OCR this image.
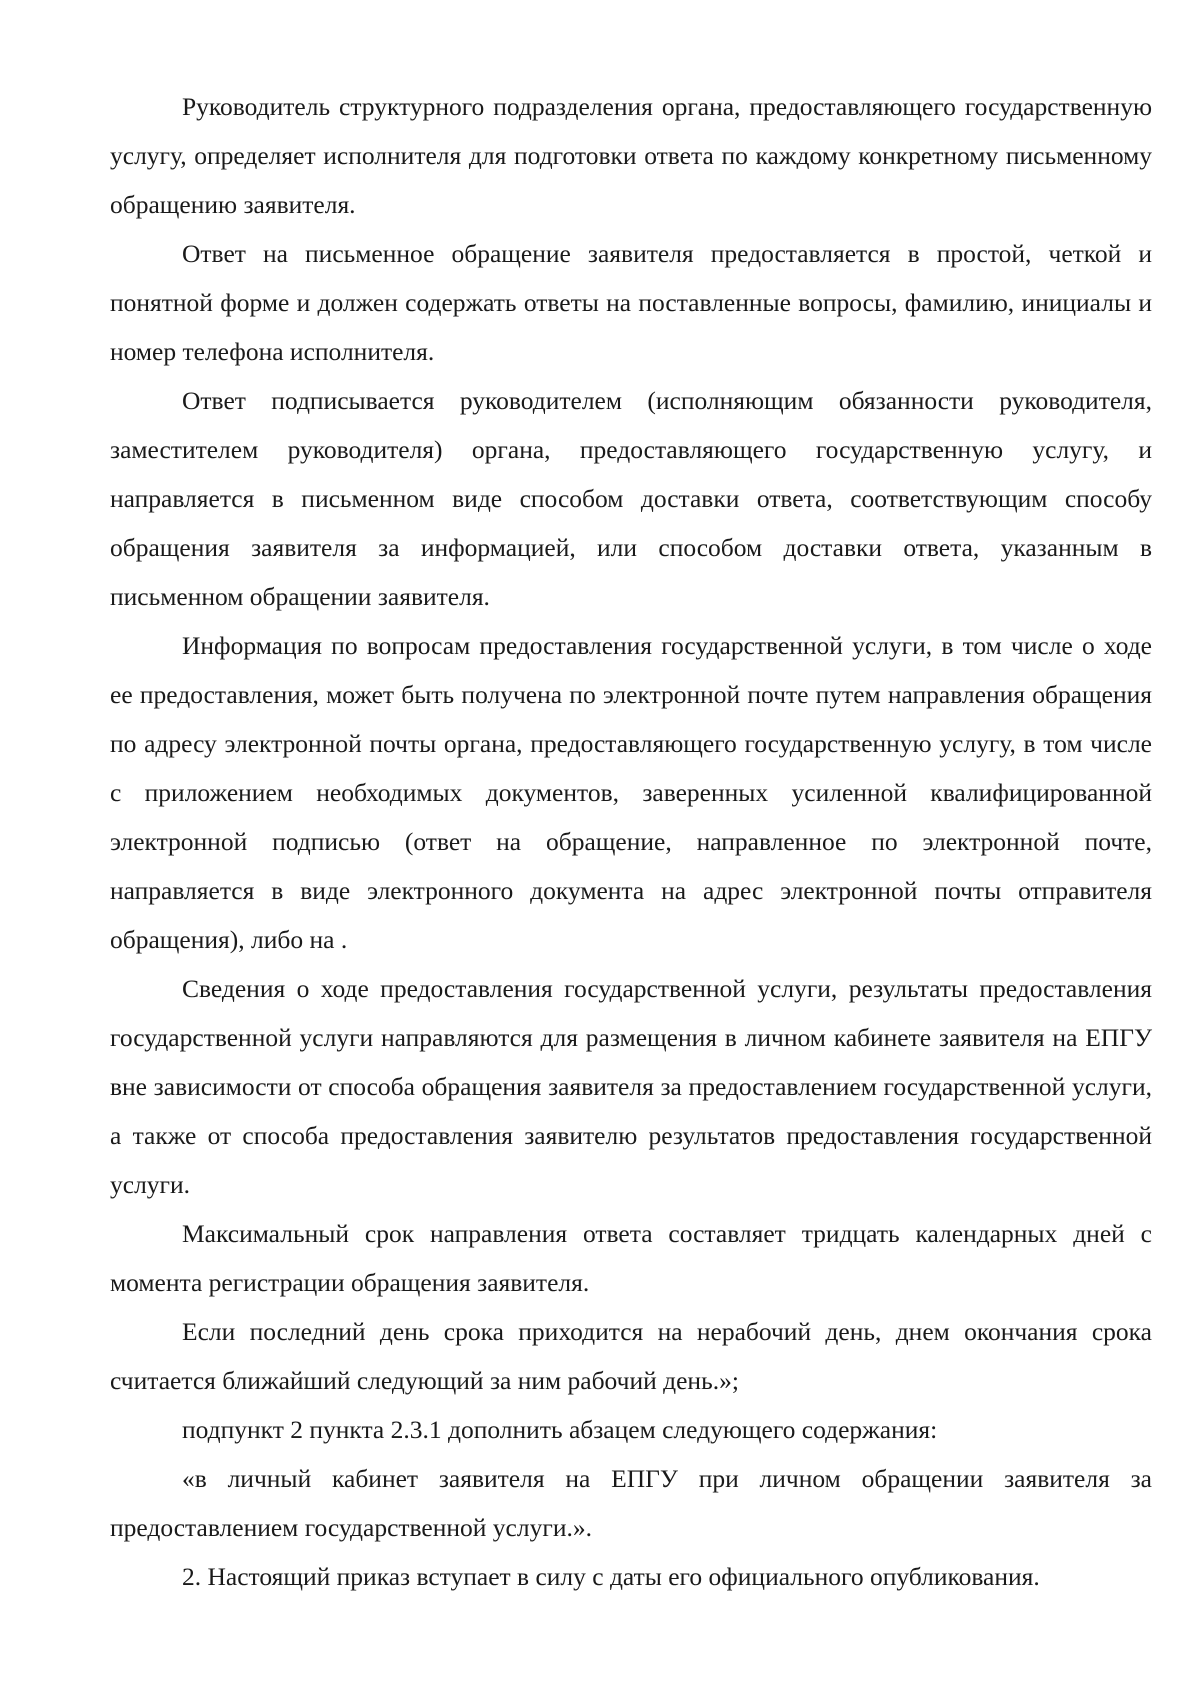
Руководитель структурного подразделения органа, предоставляющего государственную услугу, определяет исполнителя для подготовки ответа по каждому конкретному письменному обращению заявителя.

Ответ на письменное обращение заявителя предоставляется в простой, четкой и понятной форме и должен содержать ответы на поставленные вопросы, фамилию, инициалы и номер телефона исполнителя.

Ответ подписывается руководителем (исполняющим обязанности руководителя, заместителем руководителя) органа, предоставляющего государственную услугу, и направляется в письменном виде способом доставки ответа, соответствующим способу обращения заявителя за информацией, или способом доставки ответа, указанным в письменном обращении заявителя.

Информация по вопросам предоставления государственной услуги, в том числе о ходе ее предоставления, может быть получена по электронной почте путем направления обращения по адресу электронной почты органа, предоставляющего государственную услугу, в том числе с приложением необходимых документов, заверенных усиленной квалифицированной электронной подписью (ответ на обращение, направленное по электронной почте, направляется в виде электронного документа на адрес электронной почты отправителя обращения), либо на .

Сведения о ходе предоставления государственной услуги, результаты предоставления государственной услуги направляются для размещения в личном кабинете заявителя на ЕПГУ вне зависимости от способа обращения заявителя за предоставлением государственной услуги, а также от способа предоставления заявителю результатов предоставления государственной услуги.

Максимальный срок направления ответа составляет тридцать календарных дней с момента регистрации обращения заявителя.

Если последний день срока приходится на нерабочий день, днем окончания срока считается ближайший следующий за ним рабочий день.»;

подпункт 2 пункта 2.3.1 дополнить абзацем следующего содержания:

«в личный кабинет заявителя на ЕПГУ при личном обращении заявителя за предоставлением государственной услуги.».

2. Настоящий приказ вступает в силу с даты его официального опубликования.
